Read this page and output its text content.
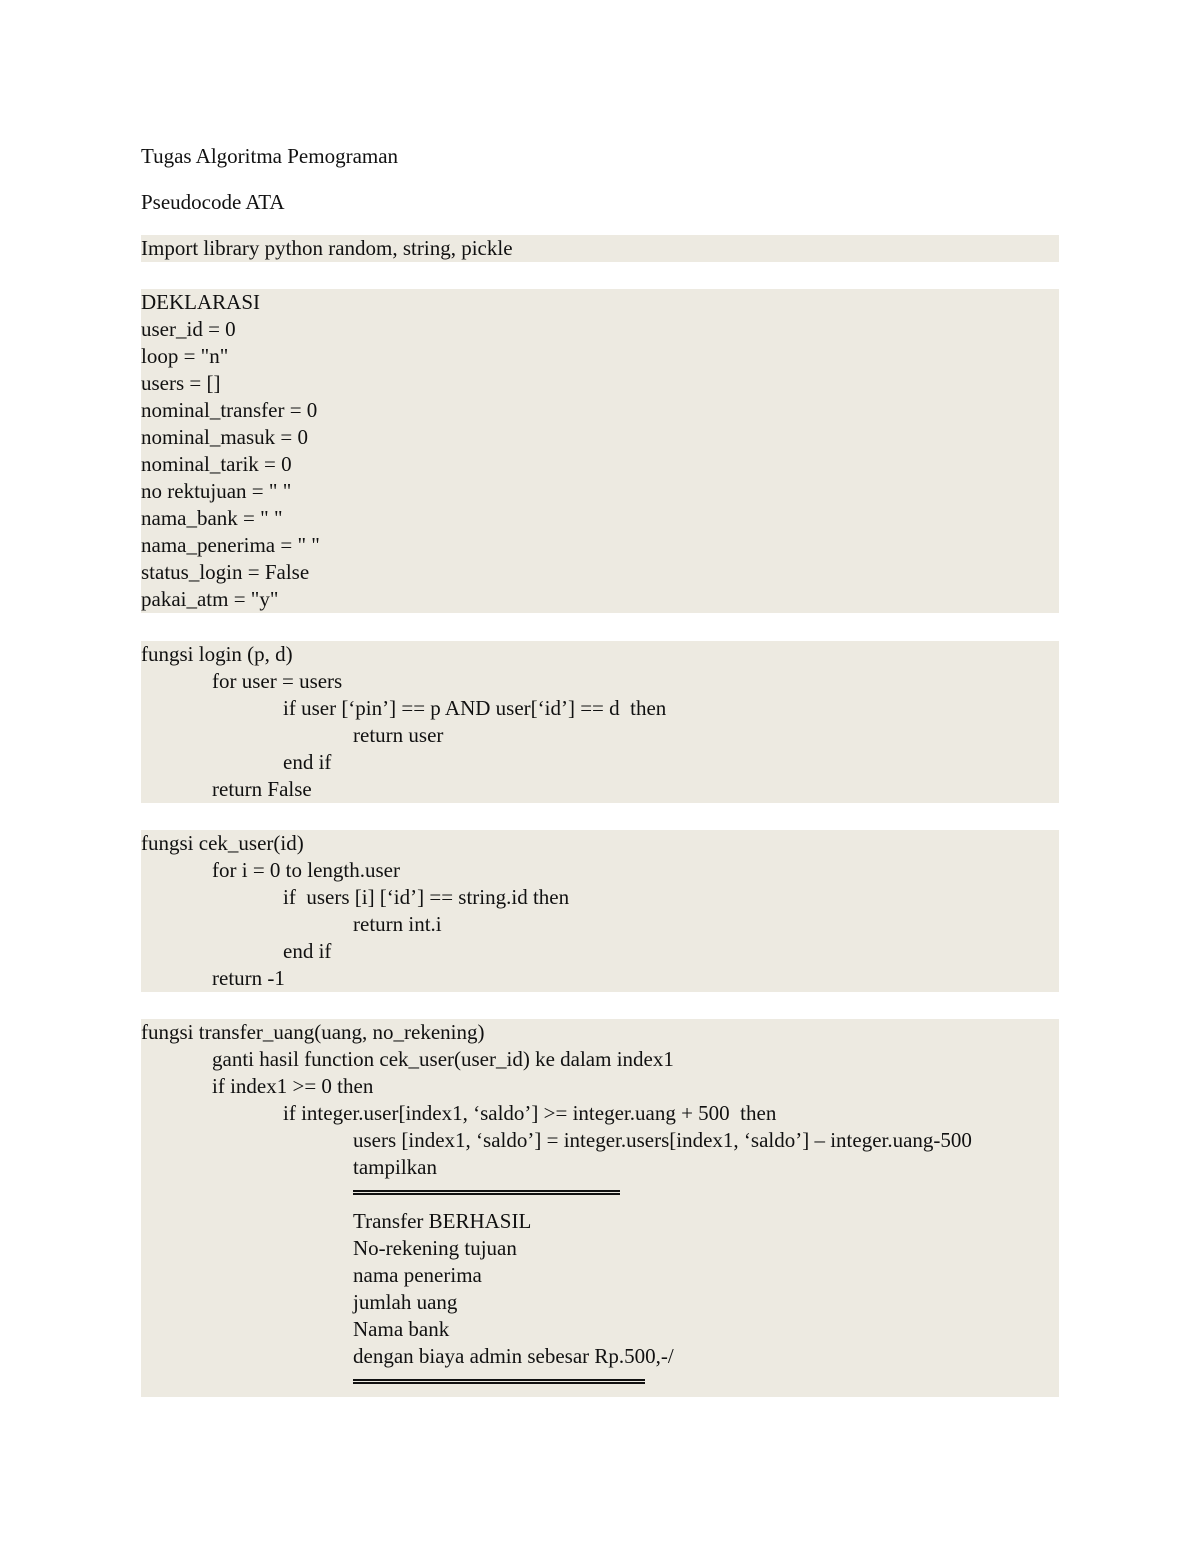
Tugas Algoritma Pemograman
Pseudocode ATA
Import library python random, string, pickle
DEKLARASI
user_id = 0
loop = "n"
users = []
nominal_transfer = 0
nominal_masuk = 0
nominal_tarik = 0
no rektujuan = " "
nama_bank = " "
nama_penerima = " "
status_login = False
pakai_atm = "y"
fungsi login (p, d)
for user = users
if user [‘pin’] == p AND user[‘id’] == d  then
return user
end if
return False
fungsi cek_user(id)
for i = 0 to length.user
if  users [i] [‘id’] == string.id then
return int.i
end if
return -1
fungsi transfer_uang(uang, no_rekening)
ganti hasil function cek_user(user_id) ke dalam index1
if index1 >= 0 then
if integer.user[index1, ‘saldo’] >= integer.uang + 500  then
users [index1, ‘saldo’] = integer.users[index1, ‘saldo’] – integer.uang-500
tampilkan

Transfer BERHASIL
No-rekening tujuan
nama penerima
jumlah uang
Nama bank
dengan biaya admin sebesar Rp.500,-/
